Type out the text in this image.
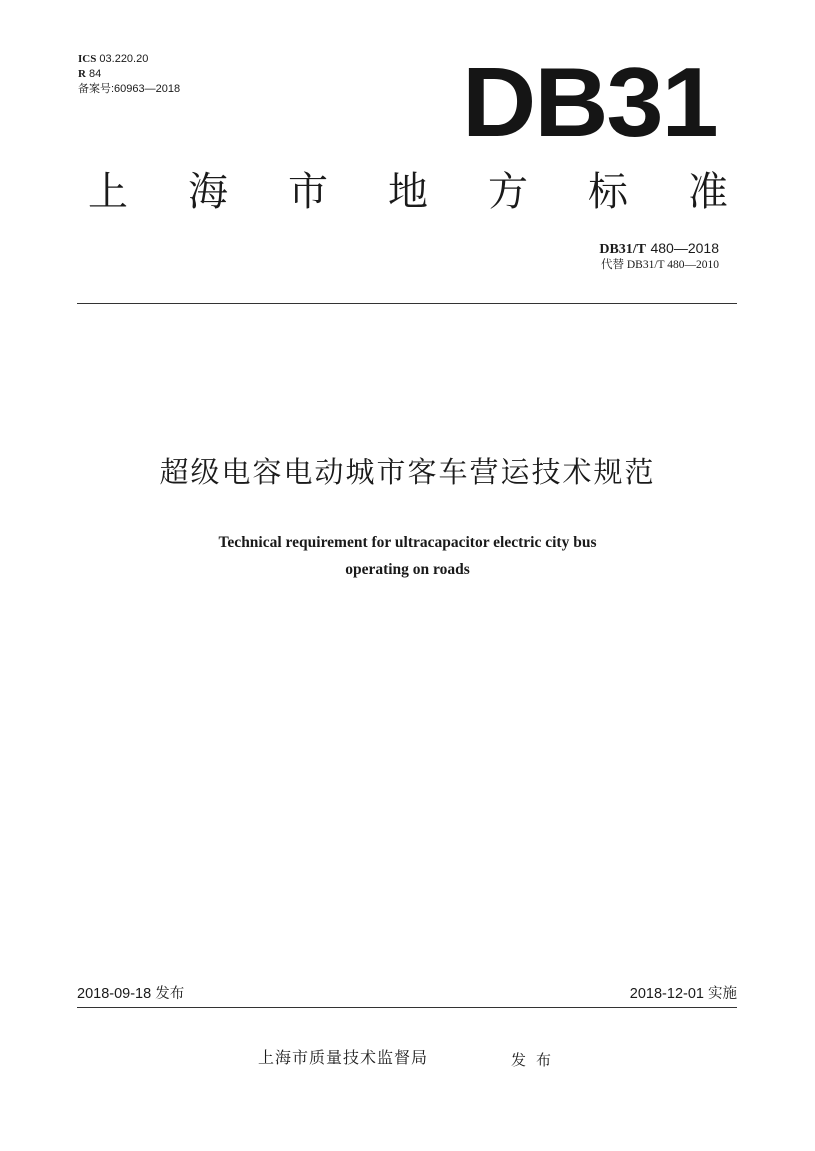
ICS 03.220.20
R 84
备案号:60963—2018	DB31
上 海 市 地 方 标 准
DB31/T 480—2018
代替 DB31/T 480—2010
超级电容电动城市客车营运技术规范
Technical requirement for ultracapacitor electric city bus
operating on roads
2018-09-18 发布	2018-12-01 实施
上海市质量技术监督局	发布
